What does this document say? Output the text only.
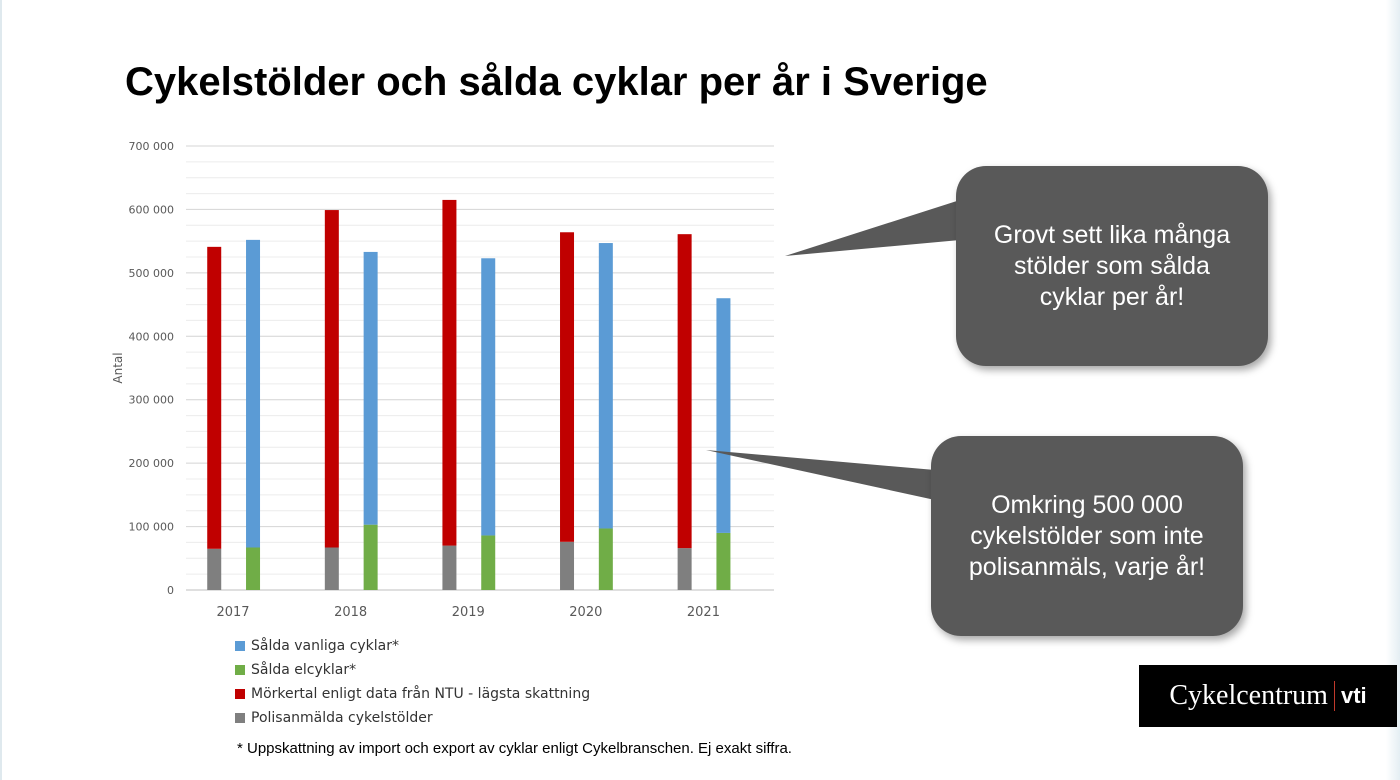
Cykelstölder och sålda cyklar per år i Sverige
0
100 000
200 000
300 000
400 000
500 000
600 000
700 000
Antal
2017	2018	2019	2020	2021
Sålda vanliga cyklar*
Sålda elcyklar*
Mörkertal enligt data från NTU - lägsta skattning
Polisanmälda cykelstölder
* Uppskattning av import och export av cyklar enligt Cykelbranschen. Ej exakt siffra.
Grovt sett lika många
stölder som sålda
cyklar per år!
Omkring 500 000
cykelstölder som inte
polisanmäls, varje år!
Cykelcentrum vti
